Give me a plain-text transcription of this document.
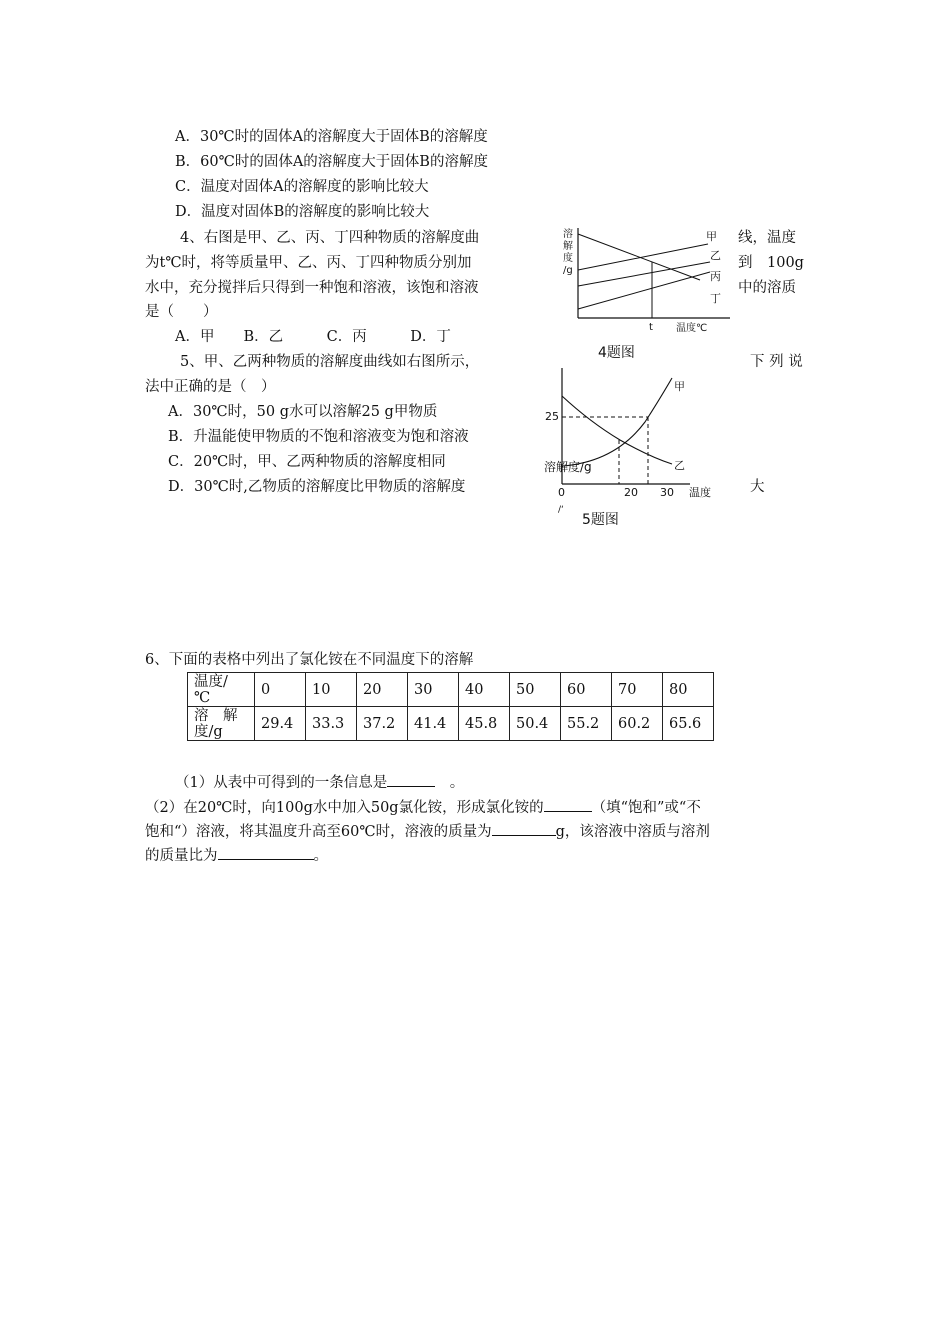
A．30℃时的固体A的溶解度大于固体B的溶解度
B．60℃时的固体A的溶解度大于固体B的溶解度
C．温度对固体A的溶解度的影响比较大
D．温度对固体B的溶解度的影响比较大
4、右图是甲、乙、丙、丁四种物质的溶解度曲	线，温度
为t℃时，将等质量甲、乙、丙、丁四种物质分别加	到　100g
水中，充分搅拌后只得到一种饱和溶液，该饱和溶液	中的溶质
是（　　）
A．甲　　B．乙　　　C．丙　　　D．丁
溶
解
度
/g
甲
乙
丙
丁
t 温度℃
4题图
5、甲、乙两种物质的溶解度曲线如右图所示，	下 列 说
法中正确的是（　）
A．30℃时，50 g水可以溶解25 g甲物质
B．升温能使甲物质的不饱和溶液变为饱和溶液
C．20℃时，甲、乙两种物质的溶解度相同
D．30℃时,乙物质的溶解度比甲物质的溶解度	大
25
溶解度/g
0	20 30 温度
/‘
甲
乙
5题图
6、下面的表格中列出了氯化铵在不同温度下的溶解
温度/
℃	0	10	20	30	40	50	60	70	80
溶　解
度/g	29.4	33.3	37.2	41.4	45.8	50.4	55.2	60.2	65.6
（1）从表中可得到的一条信息是	　。
（2）在20℃时，向100g水中加入50g氯化铵，形成氯化铵的	（填“饱和”或“不
饱和“）溶液，将其温度升高至60℃时，溶液的质量为	g，该溶液中溶质与溶剂
的质量比为	。
